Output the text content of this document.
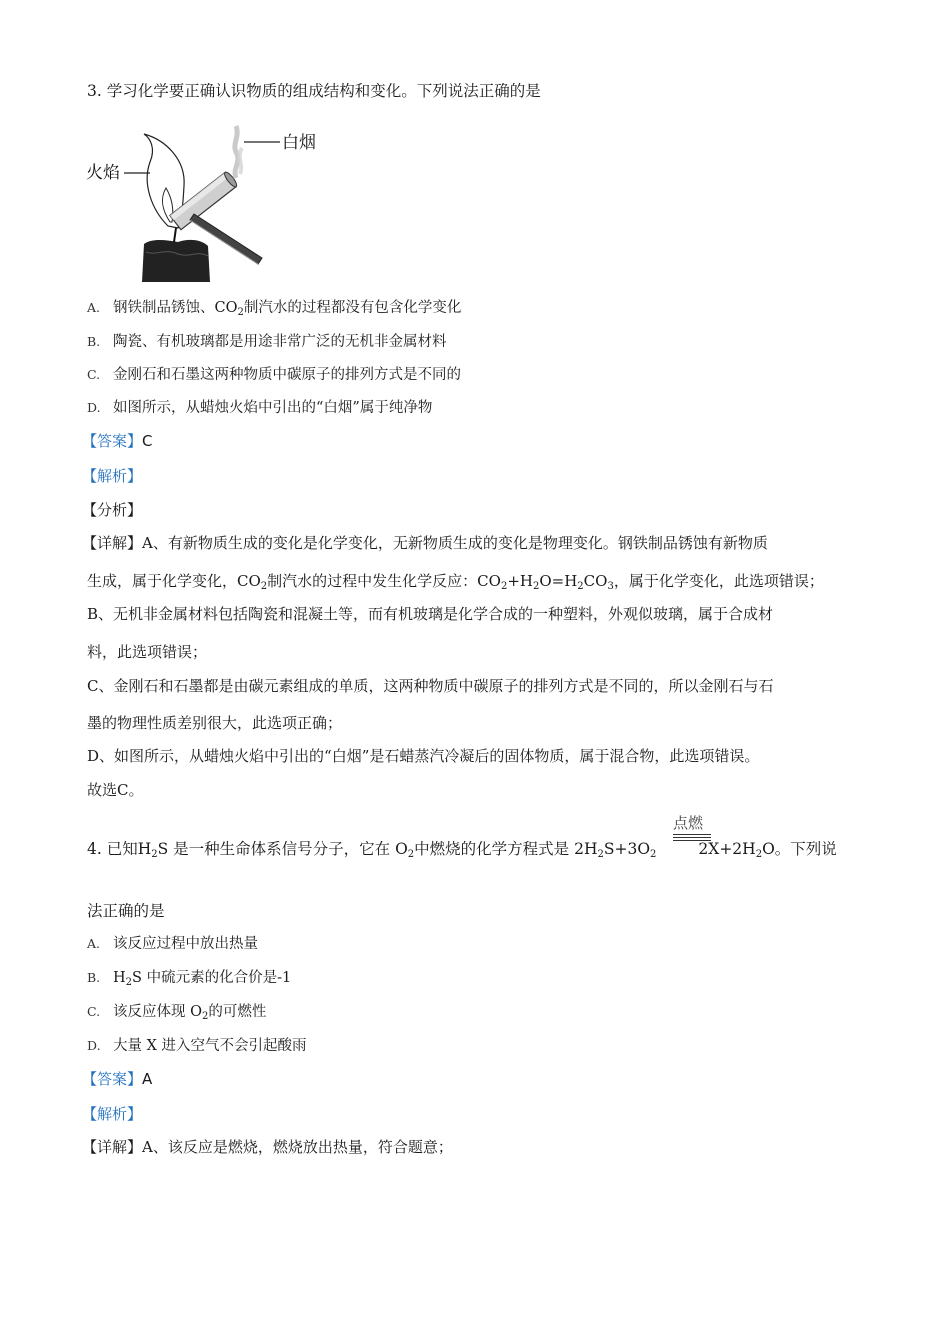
3. 学习化学要正确认识物质的组成结构和变化。下列说法正确的是
白烟
火焰
A. 钢铁制品锈蚀、$CO_2$制汽水的过程都没有包含化学变化
B. 陶瓷、有机玻璃都是用途非常广泛的无机非金属材料
C. 金刚石和石墨这两种物质中碳原子的排列方式是不同的
D. 如图所示，从蜡烛火焰中引出的“白烟”属于纯净物
【答案】C
【解析】
【分析】
【详解】A、有新物质生成的变化是化学变化，无新物质生成的变化是物理变化。钢铁制品锈蚀有新物质
生成，属于化学变化，$CO_2$制汽水的过程中发生化学反应：$CO_2+H_2O=H_2CO_3$，属于化学变化，此选项错误；
B、无机非金属材料包括陶瓷和混凝土等，而有机玻璃是化学合成的一种塑料，外观似玻璃，属于合成材
料，此选项错误；
C、金刚石和石墨都是由碳元素组成的单质，这两种物质中碳原子的排列方式是不同的，所以金刚石与石
墨的物理性质差别很大，此选项正确；
D、如图所示，从蜡烛火焰中引出的“白烟”是石蜡蒸汽冷凝后的固体物质，属于混合物，此选项错误。
故选C。
点燃
4. 已知$H_2S$ 是一种生命体系信号分子，它在 $O_2$中燃烧的化学方程式是 $2H_2S+3O_2$	$2X+2H_2O$。下列说
法正确的是
A. 该反应过程中放出热量
B. $H_2S$ 中硫元素的化合价是-1
C. 该反应体现 $O_2$的可燃性
D. 大量 X 进入空气不会引起酸雨
【答案】A
【解析】
【详解】A、该反应是燃烧，燃烧放出热量，符合题意；
